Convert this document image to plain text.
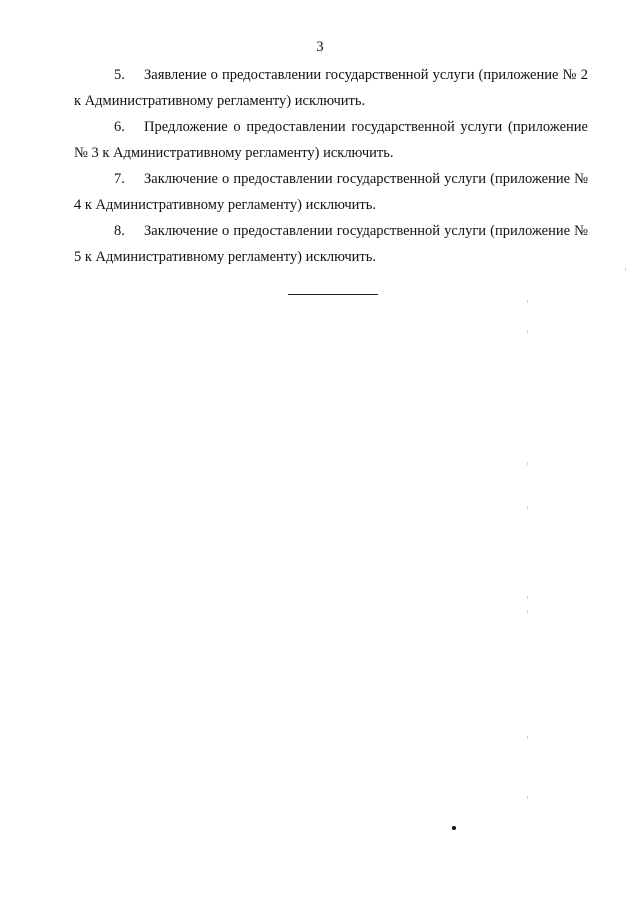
3

5. Заявление о предоставлении государственной услуги (приложение № 2 к Административному регламенту) исключить.

6. Предложение о предоставлении государственной услуги (приложение № 3 к Административному регламенту) исключить.

7. Заключение о предоставлении государственной услуги (приложение № 4 к Административному регламенту) исключить.

8. Заключение о предоставлении государственной услуги (приложение № 5 к Административному регламенту) исключить.
